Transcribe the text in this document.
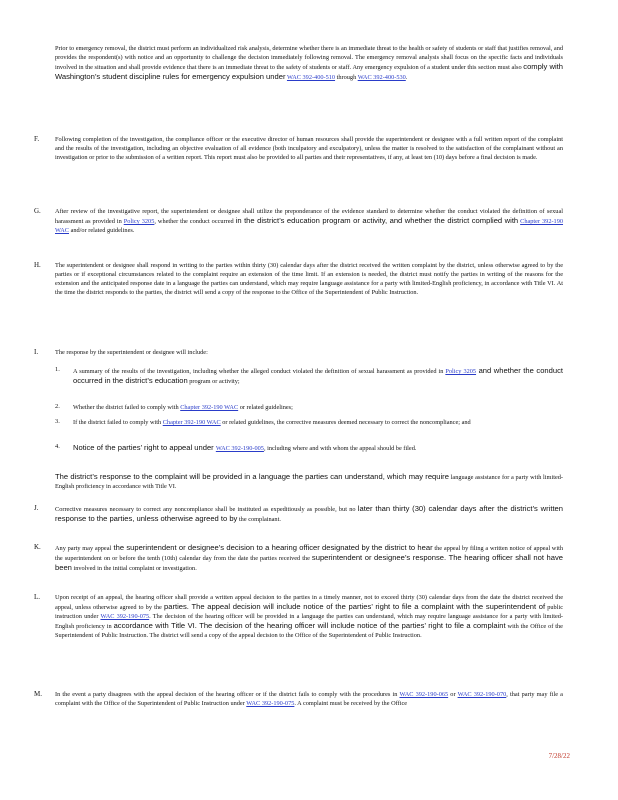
Prior to emergency removal, the district must perform an individualized risk analysis, determine whether there is an immediate threat to the health or safety of students or staff that justifies removal, and provides the respondent(s) with notice and an opportunity to challenge the decision immediately following removal. The emergency removal analysis shall focus on the specific facts and individuals involved in the situation and shall provide evidence that there is an immediate threat to the safety of students or staff. Any emergency expulsion of a student under this section must also comply with Washington’s student discipline rules for emergency expulsion under WAC 392-400-510 through WAC 392-400-530.
F.	Following completion of the investigation, the compliance officer or the executive director of human resources shall provide the superintendent or designee with a full written report of the complaint and the results of the investigation, including an objective evaluation of all evidence (both inculpatory and exculpatory), unless the matter is resolved to the satisfaction of the complainant without an investigation or prior to the submission of a written report. This report must also be provided to all parties and their representatives, if any, at least ten (10) days before a final decision is made.
G. After review of the investigative report, the superintendent or designee shall utilize the preponderance of the evidence standard to determine whether the conduct violated the definition of sexual harassment as provided in Policy 3205, whether the conduct occurred in the district’s education program or activity, and whether the district complied with Chapter 392-190 WAC and/or related guidelines.
H. The superintendent or designee shall respond in writing to the parties within thirty (30) calendar days after the district received the written complaint by the district, unless otherwise agreed to by the parties or if exceptional circumstances related to the complaint require an extension of the time limit. If an extension is needed, the district must notify the parties in writing of the reasons for the extension and the anticipated response date in a language the parties can understand, which may require language assistance for a party with limited-English proficiency, in accordance with Title VI. At the time the district responds to the parties, the district will send a copy of the response to the Office of the Superintendent of Public Instruction.
I.	The response by the superintendent or designee will include:
1. A summary of the results of the investigation, including whether the alleged conduct violated the definition of sexual harassment as provided in Policy 3205 and whether the conduct occurred in the district’s education program or activity;
2. Whether the district failed to comply with Chapter 392-190 WAC or related guidelines;
3. If the district failed to comply with Chapter 392-190 WAC or related guidelines, the corrective measures deemed necessary to correct the noncompliance; and
4. Notice of the parties’ right to appeal under WAC 392-190-005, including where and with whom the appeal should be filed.
The district’s response to the complaint will be provided in a language the parties can understand, which may require language assistance for a party with limited-English proficiency in accordance with Title VI.
J.	Corrective measures necessary to correct any noncompliance shall be instituted as expeditiously as possible, but no later than thirty (30) calendar days after the district’s written response to the parties, unless otherwise agreed to by the complainant.
K. Any party may appeal the superintendent or designee’s decision to a hearing officer designated by the district to hear the appeal by filing a written notice of appeal with the superintendent on or before the tenth (10th) calendar day from the date the parties received the superintendent or designee’s response. The hearing officer shall not have been involved in the initial complaint or investigation.
L. Upon receipt of an appeal, the hearing officer shall provide a written appeal decision to the parties in a timely manner, not to exceed thirty (30) calendar days from the date the district received the appeal, unless otherwise agreed to by the parties. The appeal decision will include notice of the parties’ right to file a complaint with the superintendent of public instruction under WAC 392-190-075. The decision of the hearing officer will be provided in a language the parties can understand, which may require language assistance for a party with limited-English proficiency in accordance with Title VI. The decision of the hearing officer will include notice of the parties’ right to file a complaint with the Office of the Superintendent of Public Instruction. The district will send a copy of the appeal decision to the Office of the Superintendent of Public Instruction.
M. In the event a party disagrees with the appeal decision of the hearing officer or if the district fails to comply with the procedures in WAC 392-190-065 or WAC 392-190-070, that party may file a complaint with the Office of the Superintendent of Public Instruction under WAC 392-190-075. A complaint must be received by the Office
7/28/22
